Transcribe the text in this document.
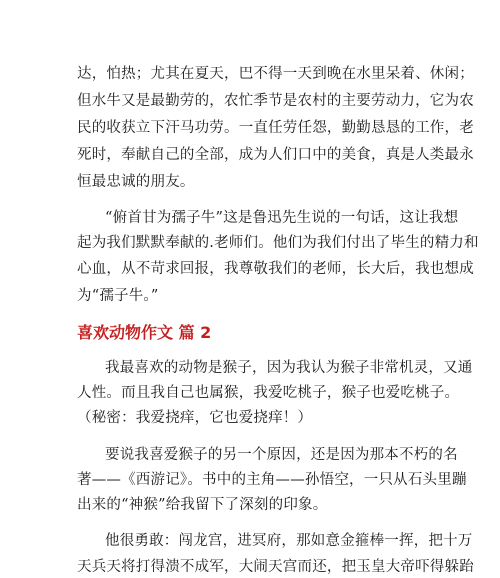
达，怕热；尤其在夏天，巴不得一天到晚在水里呆着、休闲；
但水牛又是最勤劳的，农忙季节是农村的主要劳动力，它为农
民的收获立下汗马功劳。一直任劳任怨，勤勤恳恳的工作，老
死时，奉献自己的全部，成为人们口中的美食，真是人类最永
恒最忠诚的朋友。
“俯首甘为孺子牛”这是鲁迅先生说的一句话，这让我想
起为我们默默奉献的.老师们。他们为我们付出了毕生的精力和
心血，从不苛求回报，我尊敬我们的老师，长大后，我也想成
为“孺子牛。”
喜欢动物作文 篇 2
我最喜欢的动物是猴子，因为我认为猴子非常机灵，又通
人性。而且我自己也属猴，我爱吃桃子，猴子也爱吃桃子。
（秘密：我爱挠痒，它也爱挠痒！）
要说我喜爱猴子的另一个原因，还是因为那本不朽的名
著——《西游记》。书中的主角——孙悟空，一只从石头里蹦
出来的“神猴”给我留下了深刻的印象。
他很勇敢：闯龙宫，进冥府，那如意金箍棒一挥，把十万
天兵天将打得溃不成军，大闹天宫而还，把玉皇大帝吓得躲跆
